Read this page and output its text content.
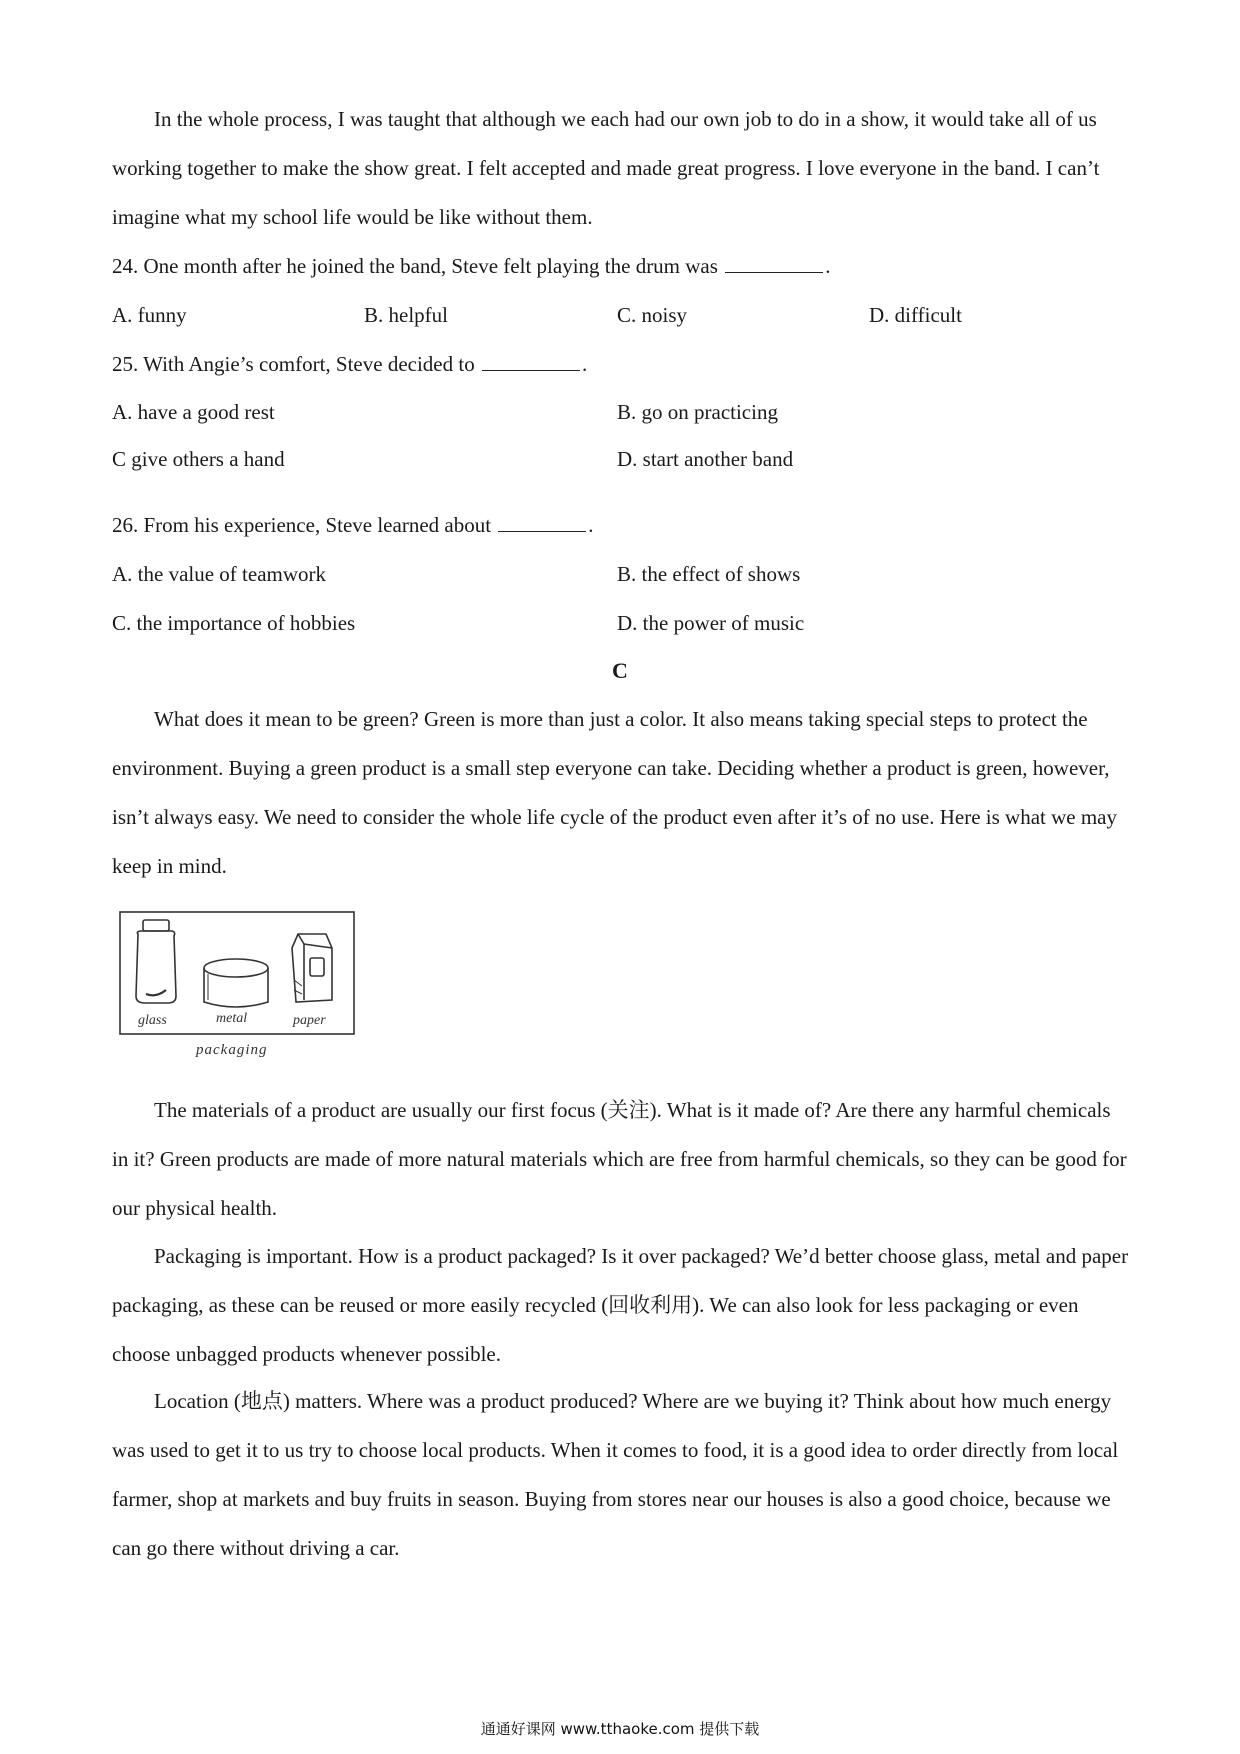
In the whole process, I was taught that although we each had our own job to do in a show, it would take all of us working together to make the show great. I felt accepted and made great progress. I love everyone in the band. I can’t imagine what my school life would be like without them.

24. One month after he joined the band, Steve felt playing the drum was	.

A. funny	B. helpful	C. noisy	D. difficult

25. With Angie’s comfort, Steve decided to	.

A. have a good rest	B. go on practicing

C give others a hand	D. start another band

26. From his experience, Steve learned about	.

A. the value of teamwork	B. the effect of shows

C. the importance of hobbies	D. the power of music

C

What does it mean to be green? Green is more than just a color. It also means taking special steps to protect the environment. Buying a green product is a small step everyone can take. Deciding whether a product is green, however, isn’t always easy. We need to consider the whole life cycle of the product even after it’s of no use. Here is what we may keep in mind.

glass	metal	paper
packaging

The materials of a product are usually our first focus (关注). What is it made of? Are there any harmful chemicals in it? Green products are made of more natural materials which are free from harmful chemicals, so they can be good for our physical health.

Packaging is important. How is a product packaged? Is it over packaged? We’d better choose glass, metal and paper packaging, as these can be reused or more easily recycled (回收利用). We can also look for less packaging or even choose unbagged products whenever possible.

Location (地点) matters. Where was a product produced? Where are we buying it? Think about how much energy was used to get it to us try to choose local products. When it comes to food, it is a good idea to order directly from local farmer, shop at markets and buy fruits in season. Buying from stores near our houses is also a good choice, because we can go there without driving a car.

通通好课网 www.tthaoke.com 提供下载
